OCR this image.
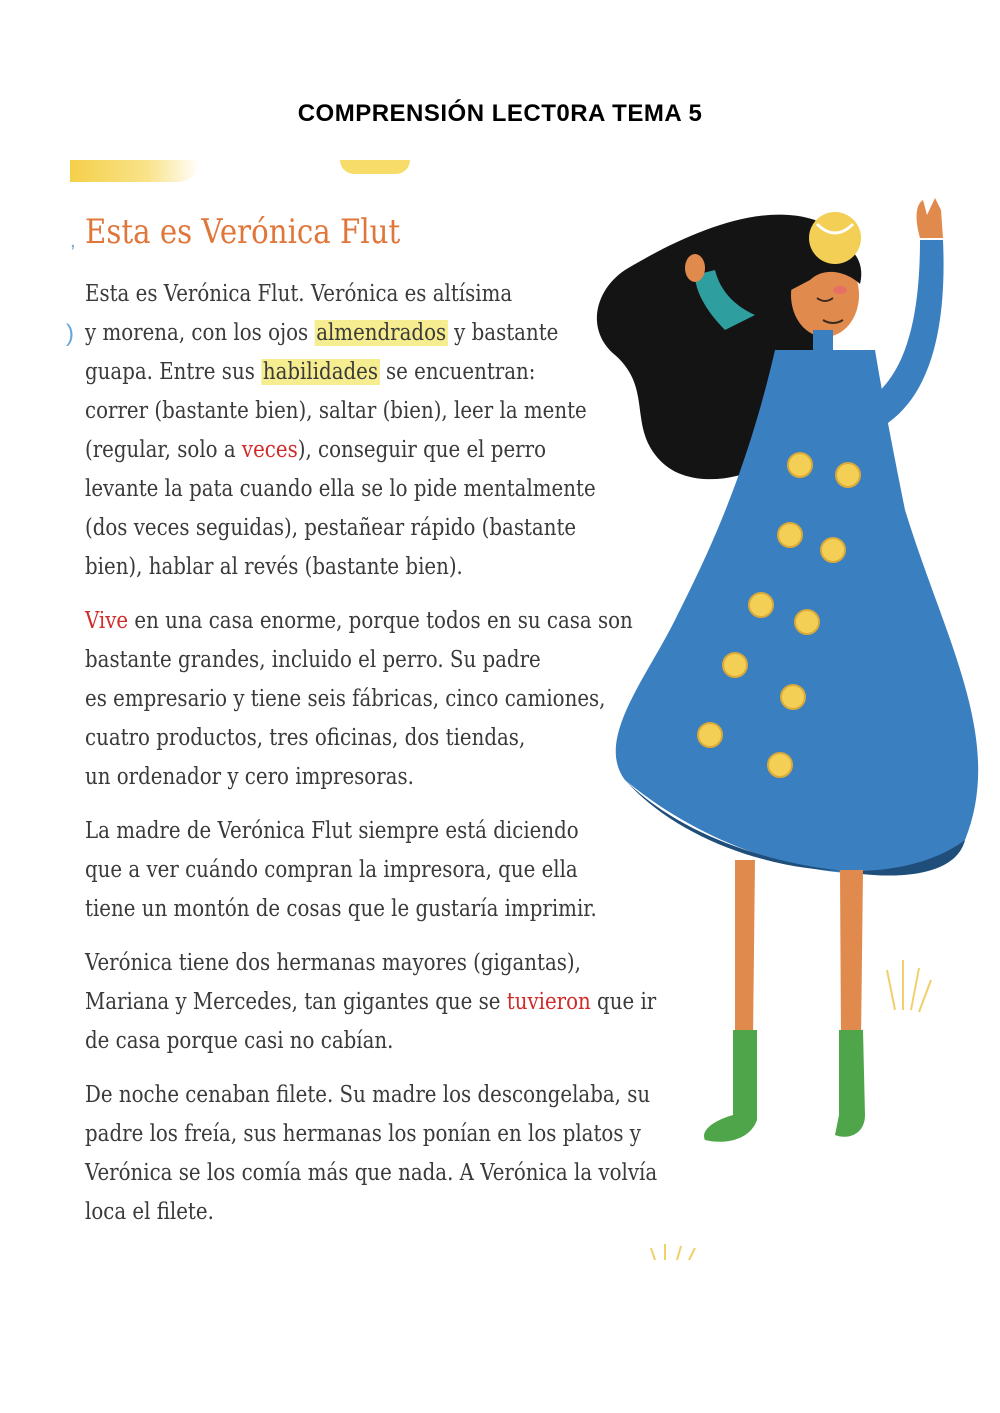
COMPRENSIÓN LECT0RA TEMA 5
,
)
Esta es Verónica Flut
Esta es Verónica Flut. Verónica es altísima
y morena, con los ojos almendrados y bastante
guapa. Entre sus habilidades se encuentran:
correr (bastante bien), saltar (bien), leer la mente
(regular, solo a veces), conseguir que el perro
levante la pata cuando ella se lo pide mentalmente
(dos veces seguidas), pestañear rápido (bastante
bien), hablar al revés (bastante bien).
Vive en una casa enorme, porque todos en su casa son
bastante grandes, incluido el perro. Su padre
es empresario y tiene seis fábricas, cinco camiones,
cuatro productos, tres oficinas, dos tiendas,
un ordenador y cero impresoras.
La madre de Verónica Flut siempre está diciendo
que a ver cuándo compran la impresora, que ella
tiene un montón de cosas que le gustaría imprimir.
Verónica tiene dos hermanas mayores (gigantas),
Mariana y Mercedes, tan gigantes que se tuvieron que ir
de casa porque casi no cabían.
De noche cenaban filete. Su madre los descongelaba, su
padre los freía, sus hermanas los ponían en los platos y
Verónica se los comía más que nada. A Verónica la volvía
loca el filete.
